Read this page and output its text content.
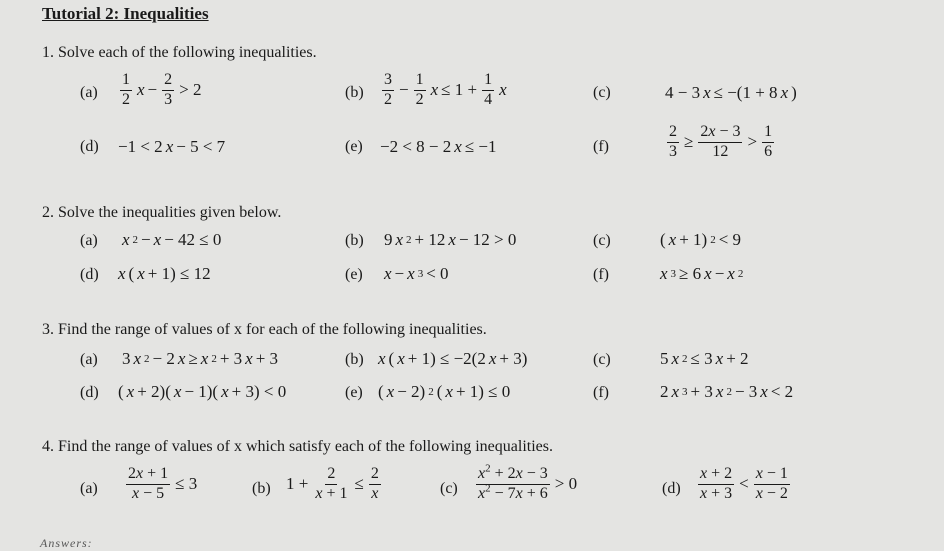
Tutorial 2: Inequalities
1. Solve each of the following inequalities.
$(a) \frac{1}{2}$ $x - \frac{2}{3} > 2$	$(b) \frac{3}{2} - \frac{1}{2}$ $x \le 1 + \frac{1}{4}$ x	(c)	4 − 3 x ≤ −(1 + 8 x )
(d) −1 < 2 x − 5 < 7	(e) −2 < 8 − 2 x ≤ −1	(f)	$\frac{2}{3} \ge \frac{2x - 3}{12} > \frac{1}{6}$
2. Solve the inequalities given below.
(a) x 2 − x − 42 ≤ 0	(b) 9 x 2 + 12 x − 12 > 0	(c)	( x + 1) 2 < 9
(d) x ( x + 1) ≤ 12	(e) x − x 3 < 0	(f)	x 3 ≥ 6 x − x 2
3. Find the range of values of x for each of the following inequalities.
(a) 3 x 2 − 2 x ≥ x 2 + 3 x + 3	(b) x ( x + 1) ≤ −2(2 x + 3)	(c)	5 x 2 ≤ 3 x + 2
(d) ( x + 2)( x − 1)( x + 3) < 0	(e) ( x − 2) 2 ( x + 1) ≤ 0	(f)	2 x 3 + 3 x 2 − 3 x < 2
4. Find the range of values of x which satisfy each of the following inequalities.
$(a) \frac{2x + 1}{x - 5} \le 3$	(b) $1 + \frac{2}{x + 1} \le \frac{2}{x}$	$(c) \frac{x^2 + 2x - 3}{x^2 - 7x + 6} > 0$	$(d) \frac{x + 2}{x + 3} < \frac{x - 1}{x - 2}$
Answers:
